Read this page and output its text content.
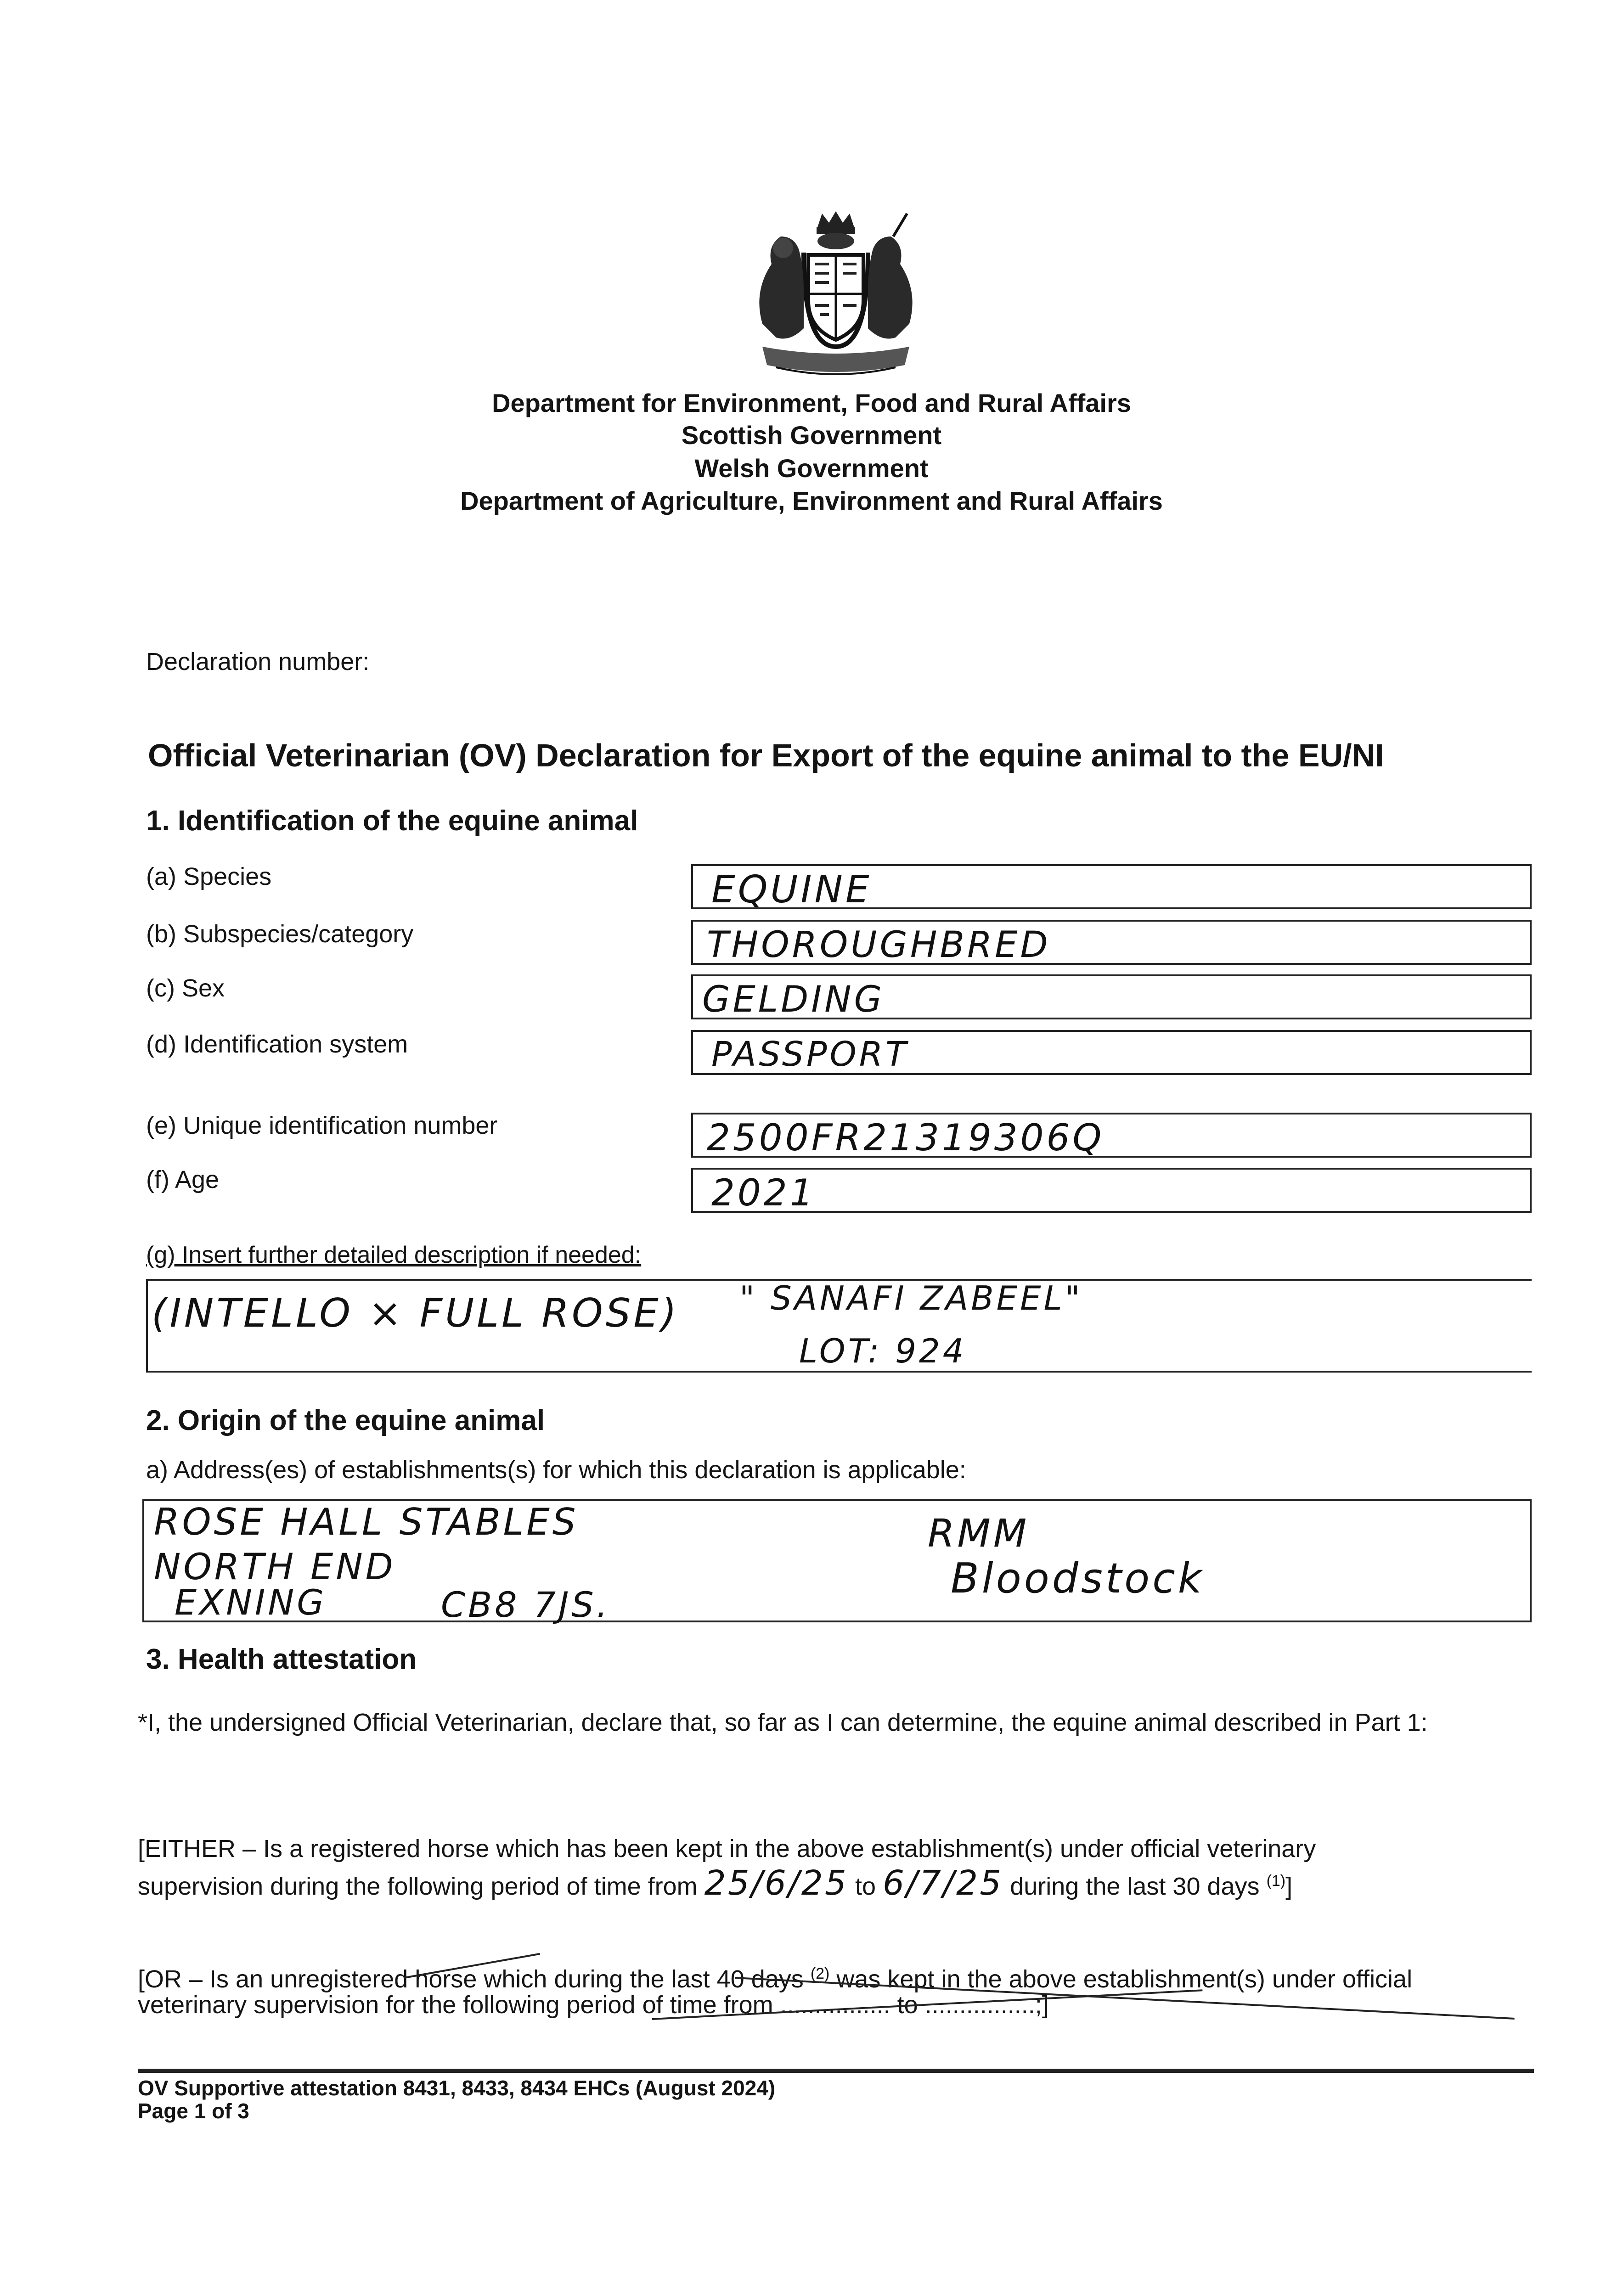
Department for Environment, Food and Rural Affairs
Scottish Government
Welsh Government
Department of Agriculture, Environment and Rural Affairs
Declaration number:
Official Veterinarian (OV) Declaration for Export of the equine animal to the EU/NI
1. Identification of the equine animal
(a) Species	EQUINE
(b) Subspecies/category	THOROUGHBRED
(c) Sex	GELDING
(d) Identification system	PASSPORT
(e) Unique identification number	2500FR21319306Q
(f) Age	2021
(g) Insert further detailed description if needed:
(INTELLO × FULL ROSE) " SANAFI ZABEEL"
LOT: 924
2. Origin of the equine animal
a) Address(es) of establishments(s) for which this declaration is applicable:
ROSE HALL STABLES
NORTH END
EXNING	CB8 7JS.
RMM
Bloodstock
3. Health attestation
*I, the undersigned Official Veterinarian, declare that, so far as I can determine, the equine animal described in Part 1:
[EITHER – Is a registered horse which has been kept in the above establishment(s) under official veterinary
supervision during the following period of time from 25/6/25 to 6/7/25 during the last 30 days $^{(1)}$]
[OR – Is an unregistered horse which during the last 40 days $^{(2)}$ was kept in the above establishment(s) under official
veterinary supervision for the following period of time from ................ to ................;]
OV Supportive attestation 8431, 8433, 8434 EHCs (August 2024)
Page 1 of 3
